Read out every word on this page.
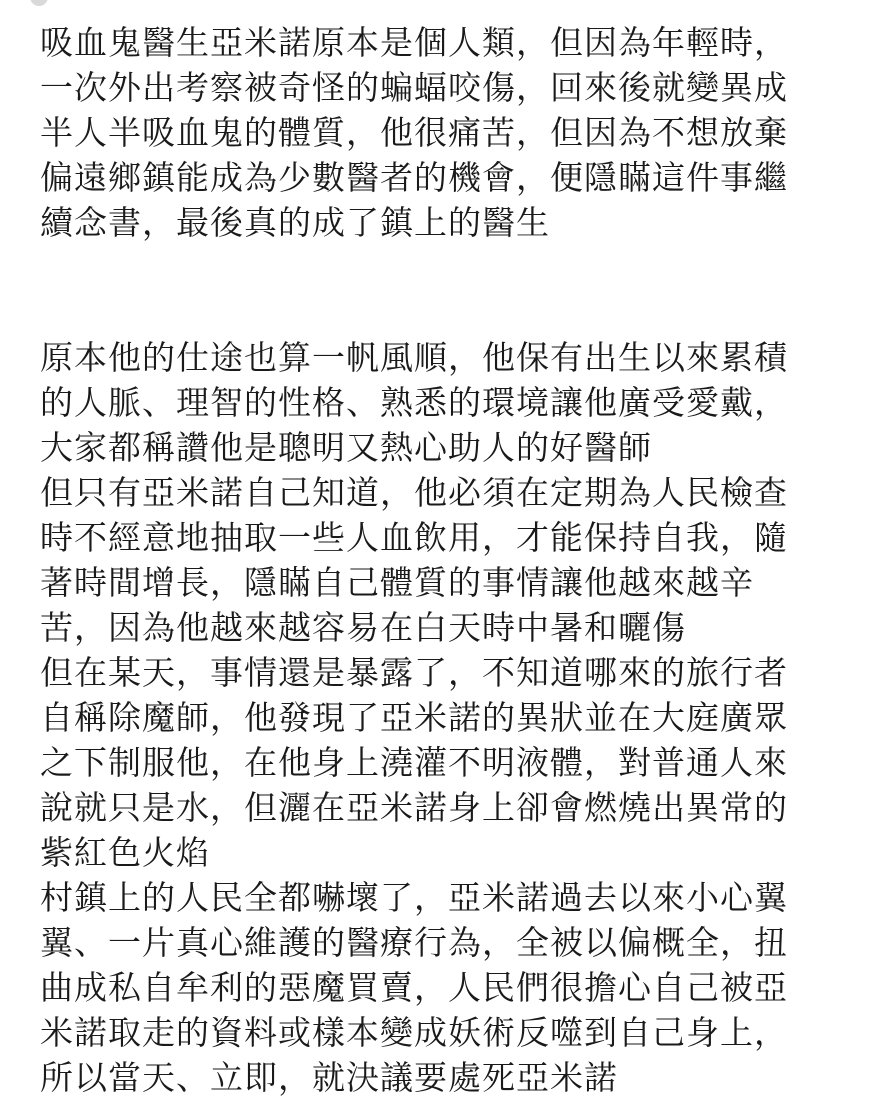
吸血鬼醫生亞米諾原本是個人類，但因為年輕時，
一次外出考察被奇怪的蝙蝠咬傷，回來後就變異成
半人半吸血鬼的體質，他很痛苦，但因為不想放棄
偏遠鄉鎮能成為少數醫者的機會，便隱瞞這件事繼
續念書，最後真的成了鎮上的醫生
原本他的仕途也算一帆風順，他保有出生以來累積
的人脈、理智的性格、熟悉的環境讓他廣受愛戴，
大家都稱讚他是聰明又熱心助人的好醫師
但只有亞米諾自己知道，他必須在定期為人民檢查
時不經意地抽取一些人血飲用，才能保持自我，隨
著時間增長，隱瞞自己體質的事情讓他越來越辛
苦，因為他越來越容易在白天時中暑和曬傷
但在某天，事情還是暴露了，不知道哪來的旅行者
自稱除魔師，他發現了亞米諾的異狀並在大庭廣眾
之下制服他，在他身上澆灌不明液體，對普通人來
說就只是水，但灑在亞米諾身上卻會燃燒出異常的
紫紅色火焰
村鎮上的人民全都嚇壞了，亞米諾過去以來小心翼
翼、一片真心維護的醫療行為，全被以偏概全，扭
曲成私自牟利的惡魔買賣，人民們很擔心自己被亞
米諾取走的資料或樣本變成妖術反噬到自己身上，
所以當天、立即，就決議要處死亞米諾
